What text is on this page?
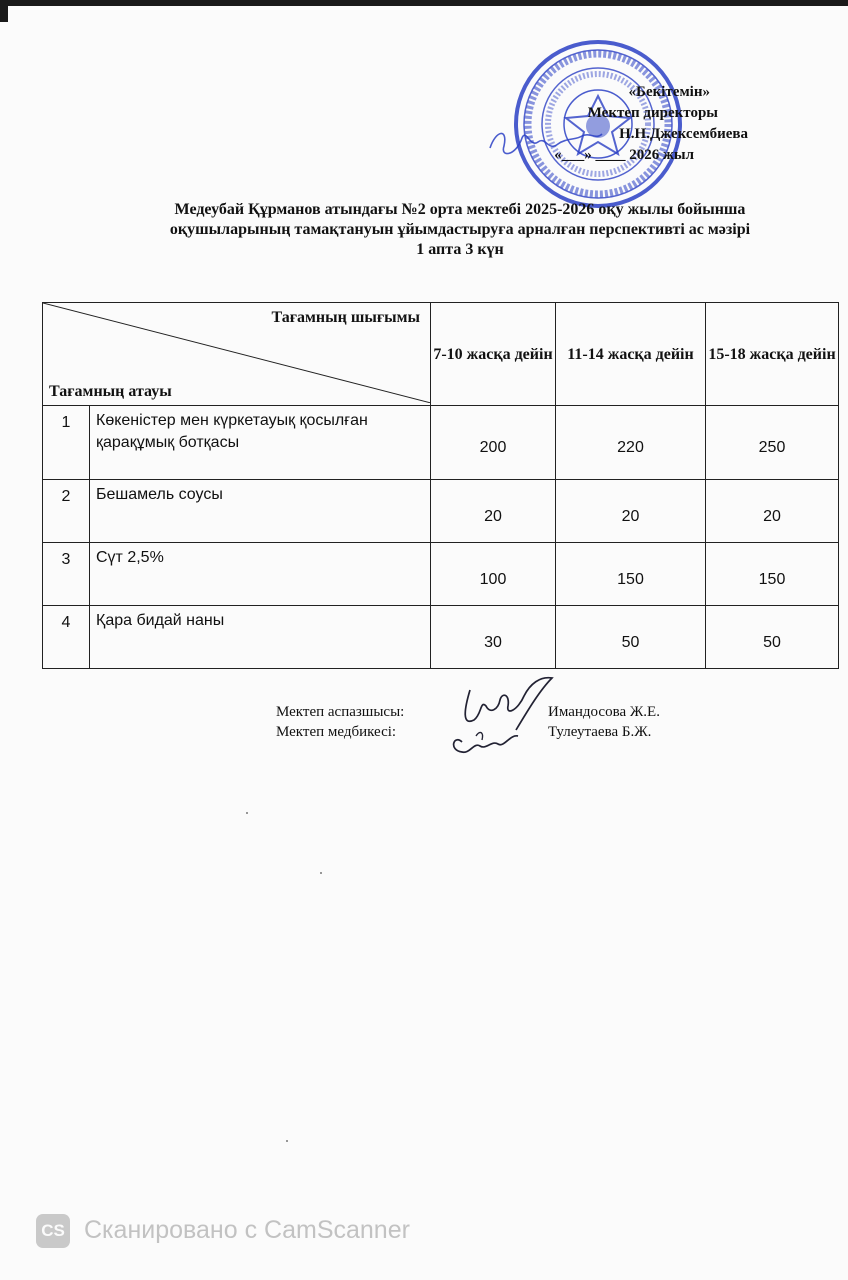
«Бекітемін»
Мектеп директоры
Н.Н.Джексембиева
«___» ____ 2026 жыл
Медеубай Құрманов атындағы №2 орта мектебі 2025-2026 оқу жылы бойынша
оқушыларының тамақтануын ұйымдастыруға арналған перспективті ас мәзірі
1 апта 3 күн
Тағамның шығымы
Тағамның атауы		7-10 жасқа дейін	11-14 жасқа дейін	15-18 жасқа дейін
1	Көкеністер мен күркетауық қосылған қарақұмық ботқасы	200	220	250
2	Бешамель соусы	20	20	20
3	Сүт 2,5%	100	150	150
4	Қара бидай наны	30	50	50
Мектеп аспазшысы:
Мектеп медбикесі:
Имандосова Ж.Е.
Тулеутаева Б.Ж.
CS Сканировано с CamScanner
